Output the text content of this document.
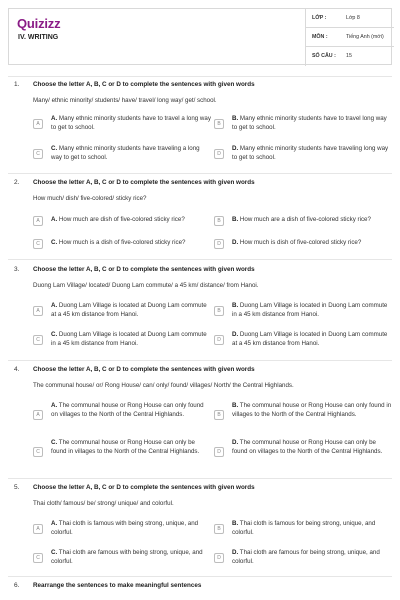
Quizizz
IV. WRITING
LỚP :	Lớp 8
MÔN :	Tiếng Anh (mới)
SỐ CÂU : 15
1. Choose the letter A, B, C or D to complete the sentences with given words
Many/ ethnic minority/ students/ have/ travel/ long way/ get/ school.
A
A. Many ethnic minority students have to travel a long way to get to school.	B
B. Many ethnic minority students have to travel long way to get to school.
C
C. Many ethnic minority students have traveling a long way to get to school.	D
D. Many ethnic minority students have traveling long way to get to school.
2. Choose the letter A, B, C or D to complete the sentences with given words
How much/ dish/ five-colored/ sticky rice?
A	A. How much are dish of five-colored sticky rice?	B	B. How much are a dish of five-colored sticky rice?
C	C. How much is a dish of five-colored sticky rice?	D	D. How much is dish of five-colored sticky rice?
3. Choose the letter A, B, C or D to complete the sentences with given words
Duong Lam Village/ located/ Duong Lam commute/ a 45 km/ distance/ from Hanoi.
A
A. Duong Lam Village is located at Duong Lam commute at a 45 km distance from Hanoi.	B
B. Duong Lam Village is located in Duong Lam commute in a 45 km distance from Hanoi.
C
C. Duong Lam Village is located at Duong Lam commute in a 45 km distance from Hanoi.	D
D. Duong Lam Village is located in Duong Lam commute at a 45 km distance from Hanoi.
4. Choose the letter A, B, C or D to complete the sentences with given words
The communal house/ or/ Rong House/ can/ only/ found/ villages/ North/ the Central Highlands.
A
A. The communal house or Rong House can only found on villages to the North of the Central Highlands.	B
B. The communal house or Rong House can only found in villages to the North of the Central Highlands.
C
C. The communal house or Rong House can only be found in villages to the North of the Central Highlands.	D
D. The communal house or Rong House can only be found on villages to the North of the Central Highlands.
5. Choose the letter A, B, C or D to complete the sentences with given words
Thai cloth/ famous/ be/ strong/ unique/ and colorful.
A
A. Thai cloth is famous with being strong, unique, and colorful.	B
B. Thai cloth is famous for being strong, unique, and colorful.
C
C. Thai cloth are famous with being strong, unique, and colorful.	D
D. Thai cloth are famous for being strong, unique, and colorful.
6. Rearrange the sentences to make meaningful sentences
